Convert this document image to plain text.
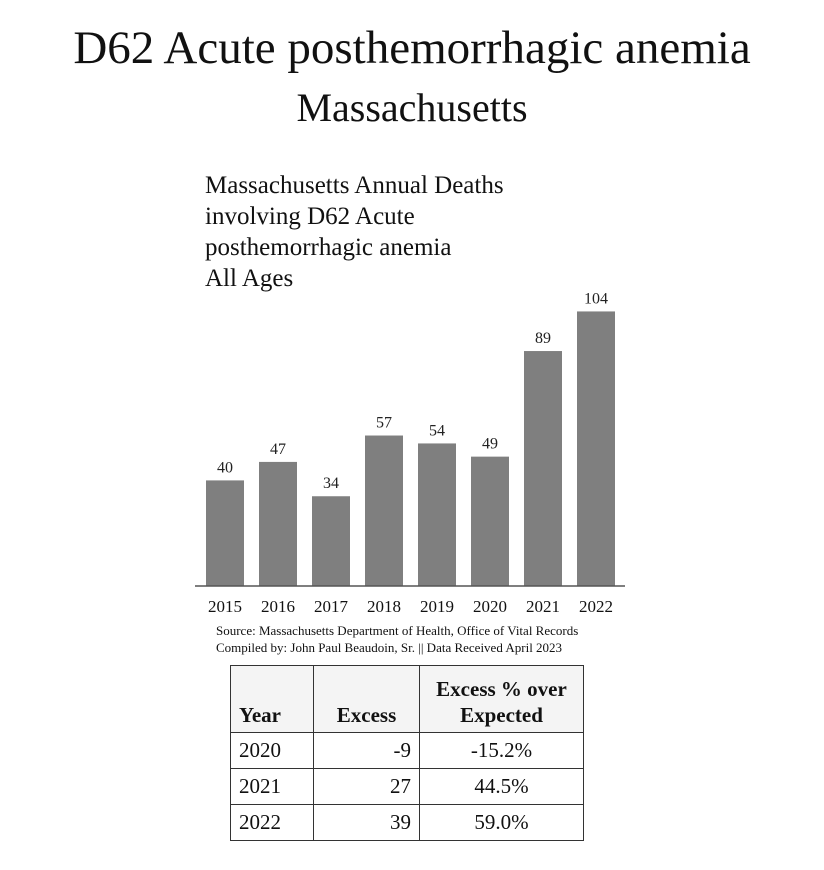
D62 Acute posthemorrhagic anemia
Massachusetts
Massachusetts Annual Deaths
involving D62 Acute
posthemorrhagic anemia
All Ages
40
2015
47
2016
34
2017
57
2018
54
2019
49
2020
89
2021
104
2022
Source: Massachusetts Department of Health, Office of Vital Records
Compiled by: John Paul Beaudoin, Sr. || Data Received April 2023
Year	Excess	Excess % over Expected
2020	-9	-15.2%
2021	27	44.5%
2022	39	59.0%
